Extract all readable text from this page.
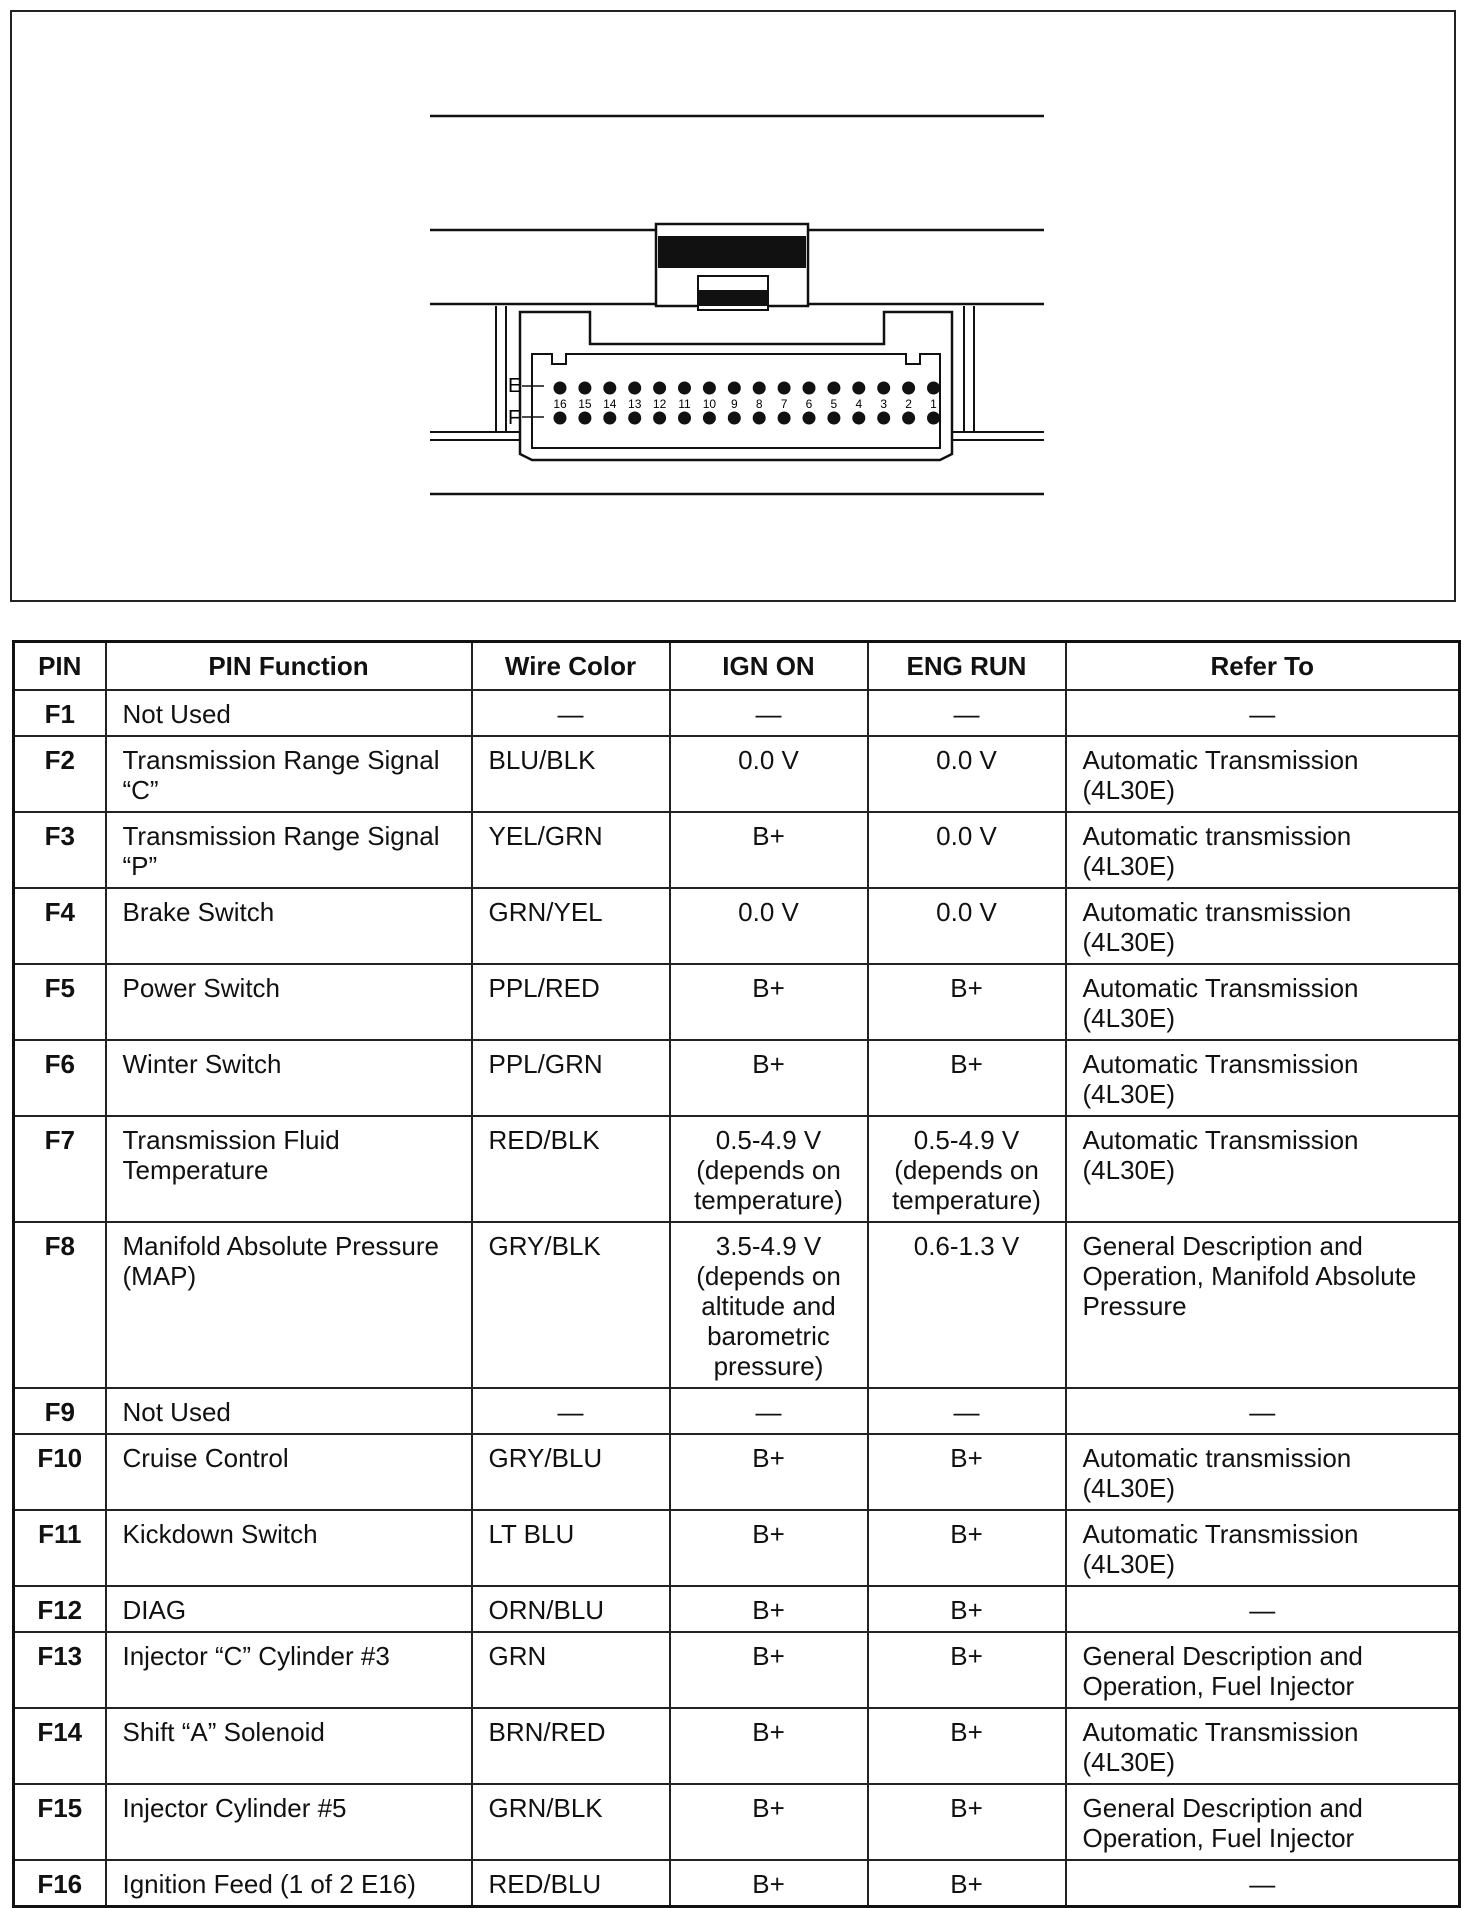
E
F
16 15 14 13 12 11 10 9 8 7 6 5 4 3 2 1
PIN	PIN Function	Wire Color	IGN ON	ENG RUN	Refer To
F1	Not Used	—	—	—	—
F2	Transmission Range Signal “C”	BLU/BLK	0.0 V	0.0 V	Automatic Transmission (4L30E)
F3	Transmission Range Signal “P”	YEL/GRN	B+	0.0 V	Automatic transmission (4L30E)
F4	Brake Switch	GRN/YEL	0.0 V	0.0 V	Automatic transmission (4L30E)
F5	Power Switch	PPL/RED	B+	B+	Automatic Transmission (4L30E)
F6	Winter Switch	PPL/GRN	B+	B+	Automatic Transmission (4L30E)
F7	Transmission Fluid Temperature	RED/BLK	0.5-4.9 V (depends on temperature)	0.5-4.9 V (depends on temperature)	Automatic Transmission (4L30E)
F8	Manifold Absolute Pressure (MAP)	GRY/BLK	3.5-4.9 V (depends on altitude and barometric pressure)	0.6-1.3 V	General Description and Operation, Manifold Absolute Pressure
F9	Not Used	—	—	—	—
F10	Cruise Control	GRY/BLU	B+	B+	Automatic transmission (4L30E)
F11	Kickdown Switch	LT BLU	B+	B+	Automatic Transmission (4L30E)
F12	DIAG	ORN/BLU	B+	B+	—
F13	Injector “C” Cylinder #3	GRN	B+	B+	General Description and Operation, Fuel Injector
F14	Shift “A” Solenoid	BRN/RED	B+	B+	Automatic Transmission (4L30E)
F15	Injector Cylinder #5	GRN/BLK	B+	B+	General Description and Operation, Fuel Injector
F16	Ignition Feed (1 of 2 E16)	RED/BLU	B+	B+	—
